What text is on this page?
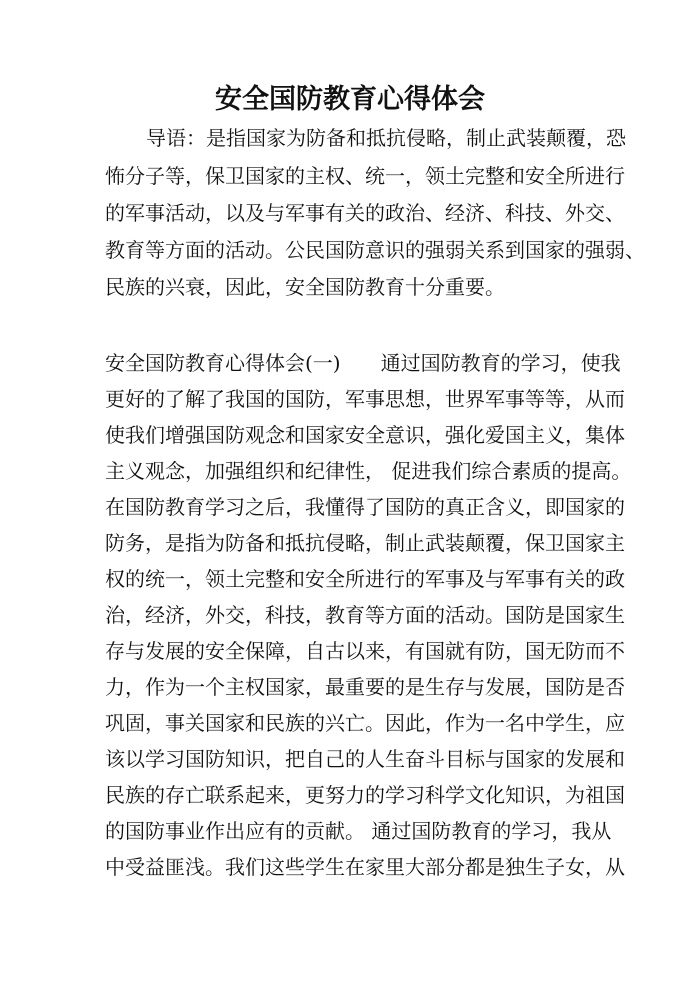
安全国防教育心得体会
导语：是指国家为防备和抵抗侵略，制止武装颠覆，恐
怖分子等，保卫国家的主权、统一，领土完整和安全所进行
的军事活动，以及与军事有关的政治、经济、科技、外交、
教育等方面的活动。公民国防意识的强弱关系到国家的强弱、
民族的兴衰，因此，安全国防教育十分重要。
安全国防教育心得体会(一) 通过国防教育的学习，使我
更好的了解了我国的国防，军事思想，世界军事等等，从而
使我们增强国防观念和国家安全意识，强化爱国主义，集体
主义观念，加强组织和纪律性， 促进我们综合素质的提高。
在国防教育学习之后，我懂得了国防的真正含义，即国家的
防务，是指为防备和抵抗侵略，制止武装颠覆，保卫国家主
权的统一，领土完整和安全所进行的军事及与军事有关的政
治，经济，外交，科技，教育等方面的活动。国防是国家生
存与发展的安全保障，自古以来，有国就有防，国无防而不
力，作为一个主权国家，最重要的是生存与发展，国防是否
巩固，事关国家和民族的兴亡。因此，作为一名中学生，应
该以学习国防知识，把自己的人生奋斗目标与国家的发展和
民族的存亡联系起来，更努力的学习科学文化知识，为祖国
的国防事业作出应有的贡献。 通过国防教育的学习，我从
中受益匪浅。我们这些学生在家里大部分都是独生子女，从
